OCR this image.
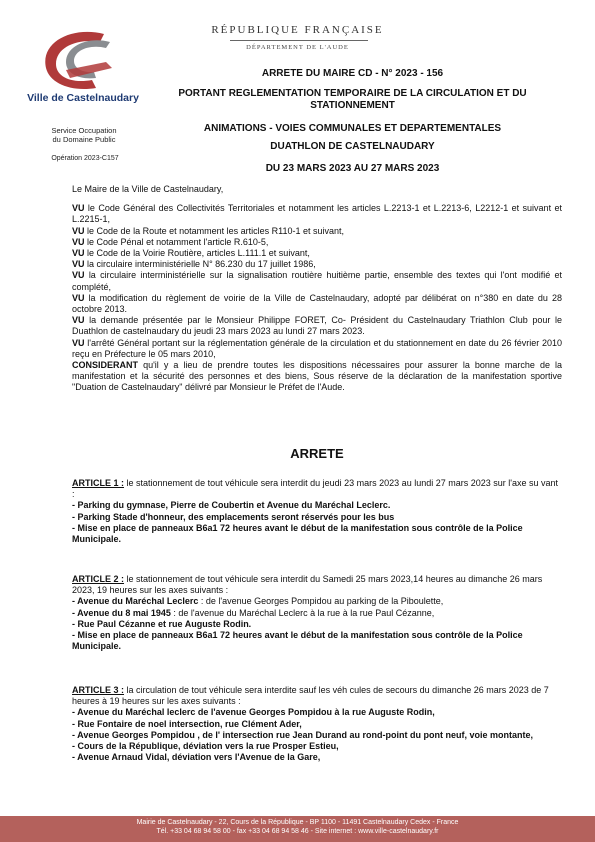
Ville de Castelnaudary
Service Occupation
du Domaine Public
Opération 2023-C157
RÉPUBLIQUE FRANÇAISE
DÉPARTEMENT DE L'AUDE
ARRETE DU MAIRE CD - N° 2023 - 156
PORTANT REGLEMENTATION TEMPORAIRE DE LA CIRCULATION ET DU
STATIONNEMENT
ANIMATIONS - VOIES COMMUNALES ET DEPARTEMENTALES
DUATHLON DE CASTELNAUDARY
DU 23 MARS 2023 AU 27 MARS 2023

Le Maire de la Ville de Castelnaudary,

VU le Code Général des Collectivités Territoriales et notamment les articles L.2213-1 et L.2213-6, L2212-1 et suivant et L.2215-1,

VU le Code de la Route et notamment les articles R110-1 et suivant,

VU le Code Pénal et notamment l'article R.610-5,

VU le Code de la Voirie Routière, articles L.111.1 et suivant,

VU la circulaire interministérielle N° 86.230 du 17 juillet 1986,

VU la circulaire interministérielle sur la signalisation routière huitième partie, ensemble des textes qui l'ont modifié et complété,

VU la modification du règlement de voirie de la Ville de Castelnaudary, adopté par délibérat on n°380 en date du 28 octobre 2013.

VU la demande présentée par le Monsieur Philippe FORET, Co- Président du Castelnaudary Triathlon Club pour le Duathlon de castelnaudary du jeudi 23 mars 2023 au lundi 27 mars 2023.

VU l'arrêté Général portant sur la réglementation générale de la circulation et du stationnement en date du 26 février 2010 reçu en Préfecture le 05 mars 2010,

CONSIDERANT qu'il y a lieu de prendre toutes les dispositions nécessaires pour assurer la bonne marche de la manifestation et la sécurité des personnes et des biens, Sous réserve de la déclaration de la manifestation sportive "Duation de Castelnaudary" délivré par Monsieur le Préfet de l'Aude.

ARRETE

ARTICLE 1 : le stationnement de tout véhicule sera interdit du jeudi 23 mars 2023 au lundi 27 mars 2023 sur l'axe su vant :

- Parking du gymnase, Pierre de Coubertin et Avenue du Maréchal Leclerc.

- Parking Stade d'honneur, des emplacements seront réservés pour les bus

- Mise en place de panneaux B6a1 72 heures avant le début de la manifestation sous contrôle de la Police Municipale.

ARTICLE 2 : le stationnement de tout véhicule sera interdit du Samedi 25 mars 2023,14 heures au dimanche 26 mars 2023, 19 heures sur les axes suivants :

- Avenue du Maréchal Leclerc : de l'avenue Georges Pompidou au parking de la Piboulette,

- Avenue du 8 mai 1945 : de l'avenue du Maréchal Leclerc à la rue à la rue Paul Cézanne,

- Rue Paul Cézanne et rue Auguste Rodin.

- Mise en place de panneaux B6a1 72 heures avant le début de la manifestation sous contrôle de la Police Municipale.

ARTICLE 3 : la circulation de tout véhicule sera interdite sauf les véh cules de secours du dimanche 26 mars 2023 de 7 heures à 19 heures sur les axes suivants :

- Avenue du Maréchal leclerc de l'avenue Georges Pompidou à la rue Auguste Rodin,

- Rue Fontaire de noel intersection, rue Clément Ader,

- Avenue Georges Pompidou , de l' intersection rue Jean Durand au rond-point du pont neuf, voie montante,

- Cours de la République, déviation vers la rue Prosper Estieu,

- Avenue Arnaud Vidal, déviation vers l'Avenue de la Gare,

Mairie de Castelnaudary - 22, Cours de la République - BP 1100 - 11491 Castelnaudary Cedex - France
Tél. +33 04 68 94 58 00 - fax +33 04 68 94 58 46 - Site internet : www.ville-castelnaudary.fr
